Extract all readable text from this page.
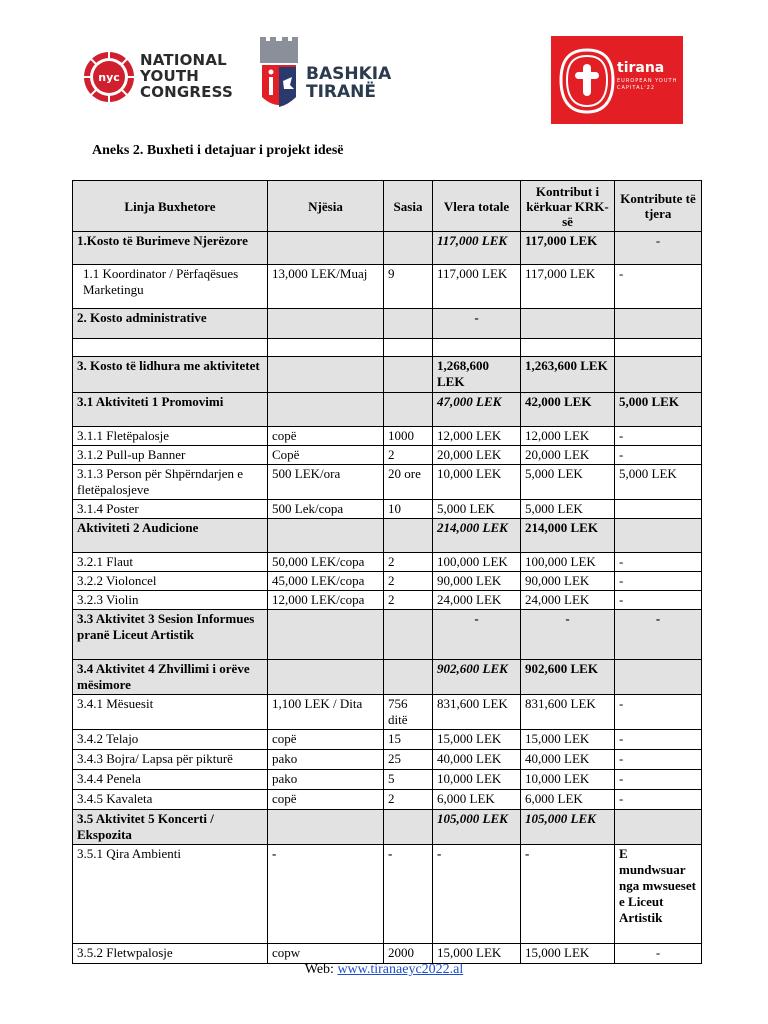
nyc
NATIONAL
YOUTH
CONGRESS
BASHKIA
TIRANË
tirana
EUROPEAN YOUTH CAPITAL'22
Aneks 2. Buxheti i detajuar i projekt idesë
Linja Buxhetore	Njësia	Sasia	Vlera totale	Kontribut i kërkuar KRK-së	Kontribute të tjera
1.Kosto të Burimeve Njerëzore			117,000 LEK	117,000 LEK	-
1.1 Koordinator / Përfaqësues Marketingu	13,000 LEK/Muaj	9	117,000 LEK	117,000 LEK	-
2. Kosto administrative			-		

3. Kosto të lidhura me aktivitetet			1,268,600 LEK	1,263,600 LEK	
3.1 Aktiviteti 1 Promovimi			47,000 LEK	42,000 LEK	5,000 LEK
3.1.1 Fletëpalosje	copë	1000	12,000 LEK	12,000 LEK	-
3.1.2 Pull-up Banner	Copë	2	20,000 LEK	20,000 LEK	-
3.1.3 Person për Shpërndarjen e fletëpalosjeve	500 LEK/ora	20 ore	10,000 LEK	5,000 LEK	5,000 LEK
3.1.4 Poster	500 Lek/copa	10	5,000 LEK	5,000 LEK	
Aktiviteti 2 Audicione			214,000 LEK	214,000 LEK	
3.2.1 Flaut	50,000 LEK/copa	2	100,000 LEK	100,000 LEK	-
3.2.2 Violoncel	45,000 LEK/copa	2	90,000 LEK	90,000 LEK	-
3.2.3 Violin	12,000 LEK/copa	2	24,000 LEK	24,000 LEK	-
3.3 Aktivitet 3 Sesion Informues pranë Liceut Artistik			-	-	-
3.4 Aktivitet 4 Zhvillimi i orëve mësimore			902,600 LEK	902,600 LEK	
3.4.1 Mësuesit	1,100 LEK / Dita	756 ditë	831,600 LEK	831,600 LEK	-
3.4.2 Telajo	copë	15	15,000 LEK	15,000 LEK	-
3.4.3 Bojra/ Lapsa për pikturë	pako	25	40,000 LEK	40,000 LEK	-
3.4.4 Penela	pako	5	10,000 LEK	10,000 LEK	-
3.4.5 Kavaleta	copë	2	6,000 LEK	6,000 LEK	-
3.5 Aktivitet 5 Koncerti / Ekspozita			105,000 LEK	105,000 LEK	
3.5.1 Qira Ambienti	-	-	-	-	E mundwsuar nga mwsueset e Liceut Artistik
3.5.2 Fletwpalosje	copw	2000	15,000 LEK	15,000 LEK	-
Web: www.tiranaeyc2022.al
